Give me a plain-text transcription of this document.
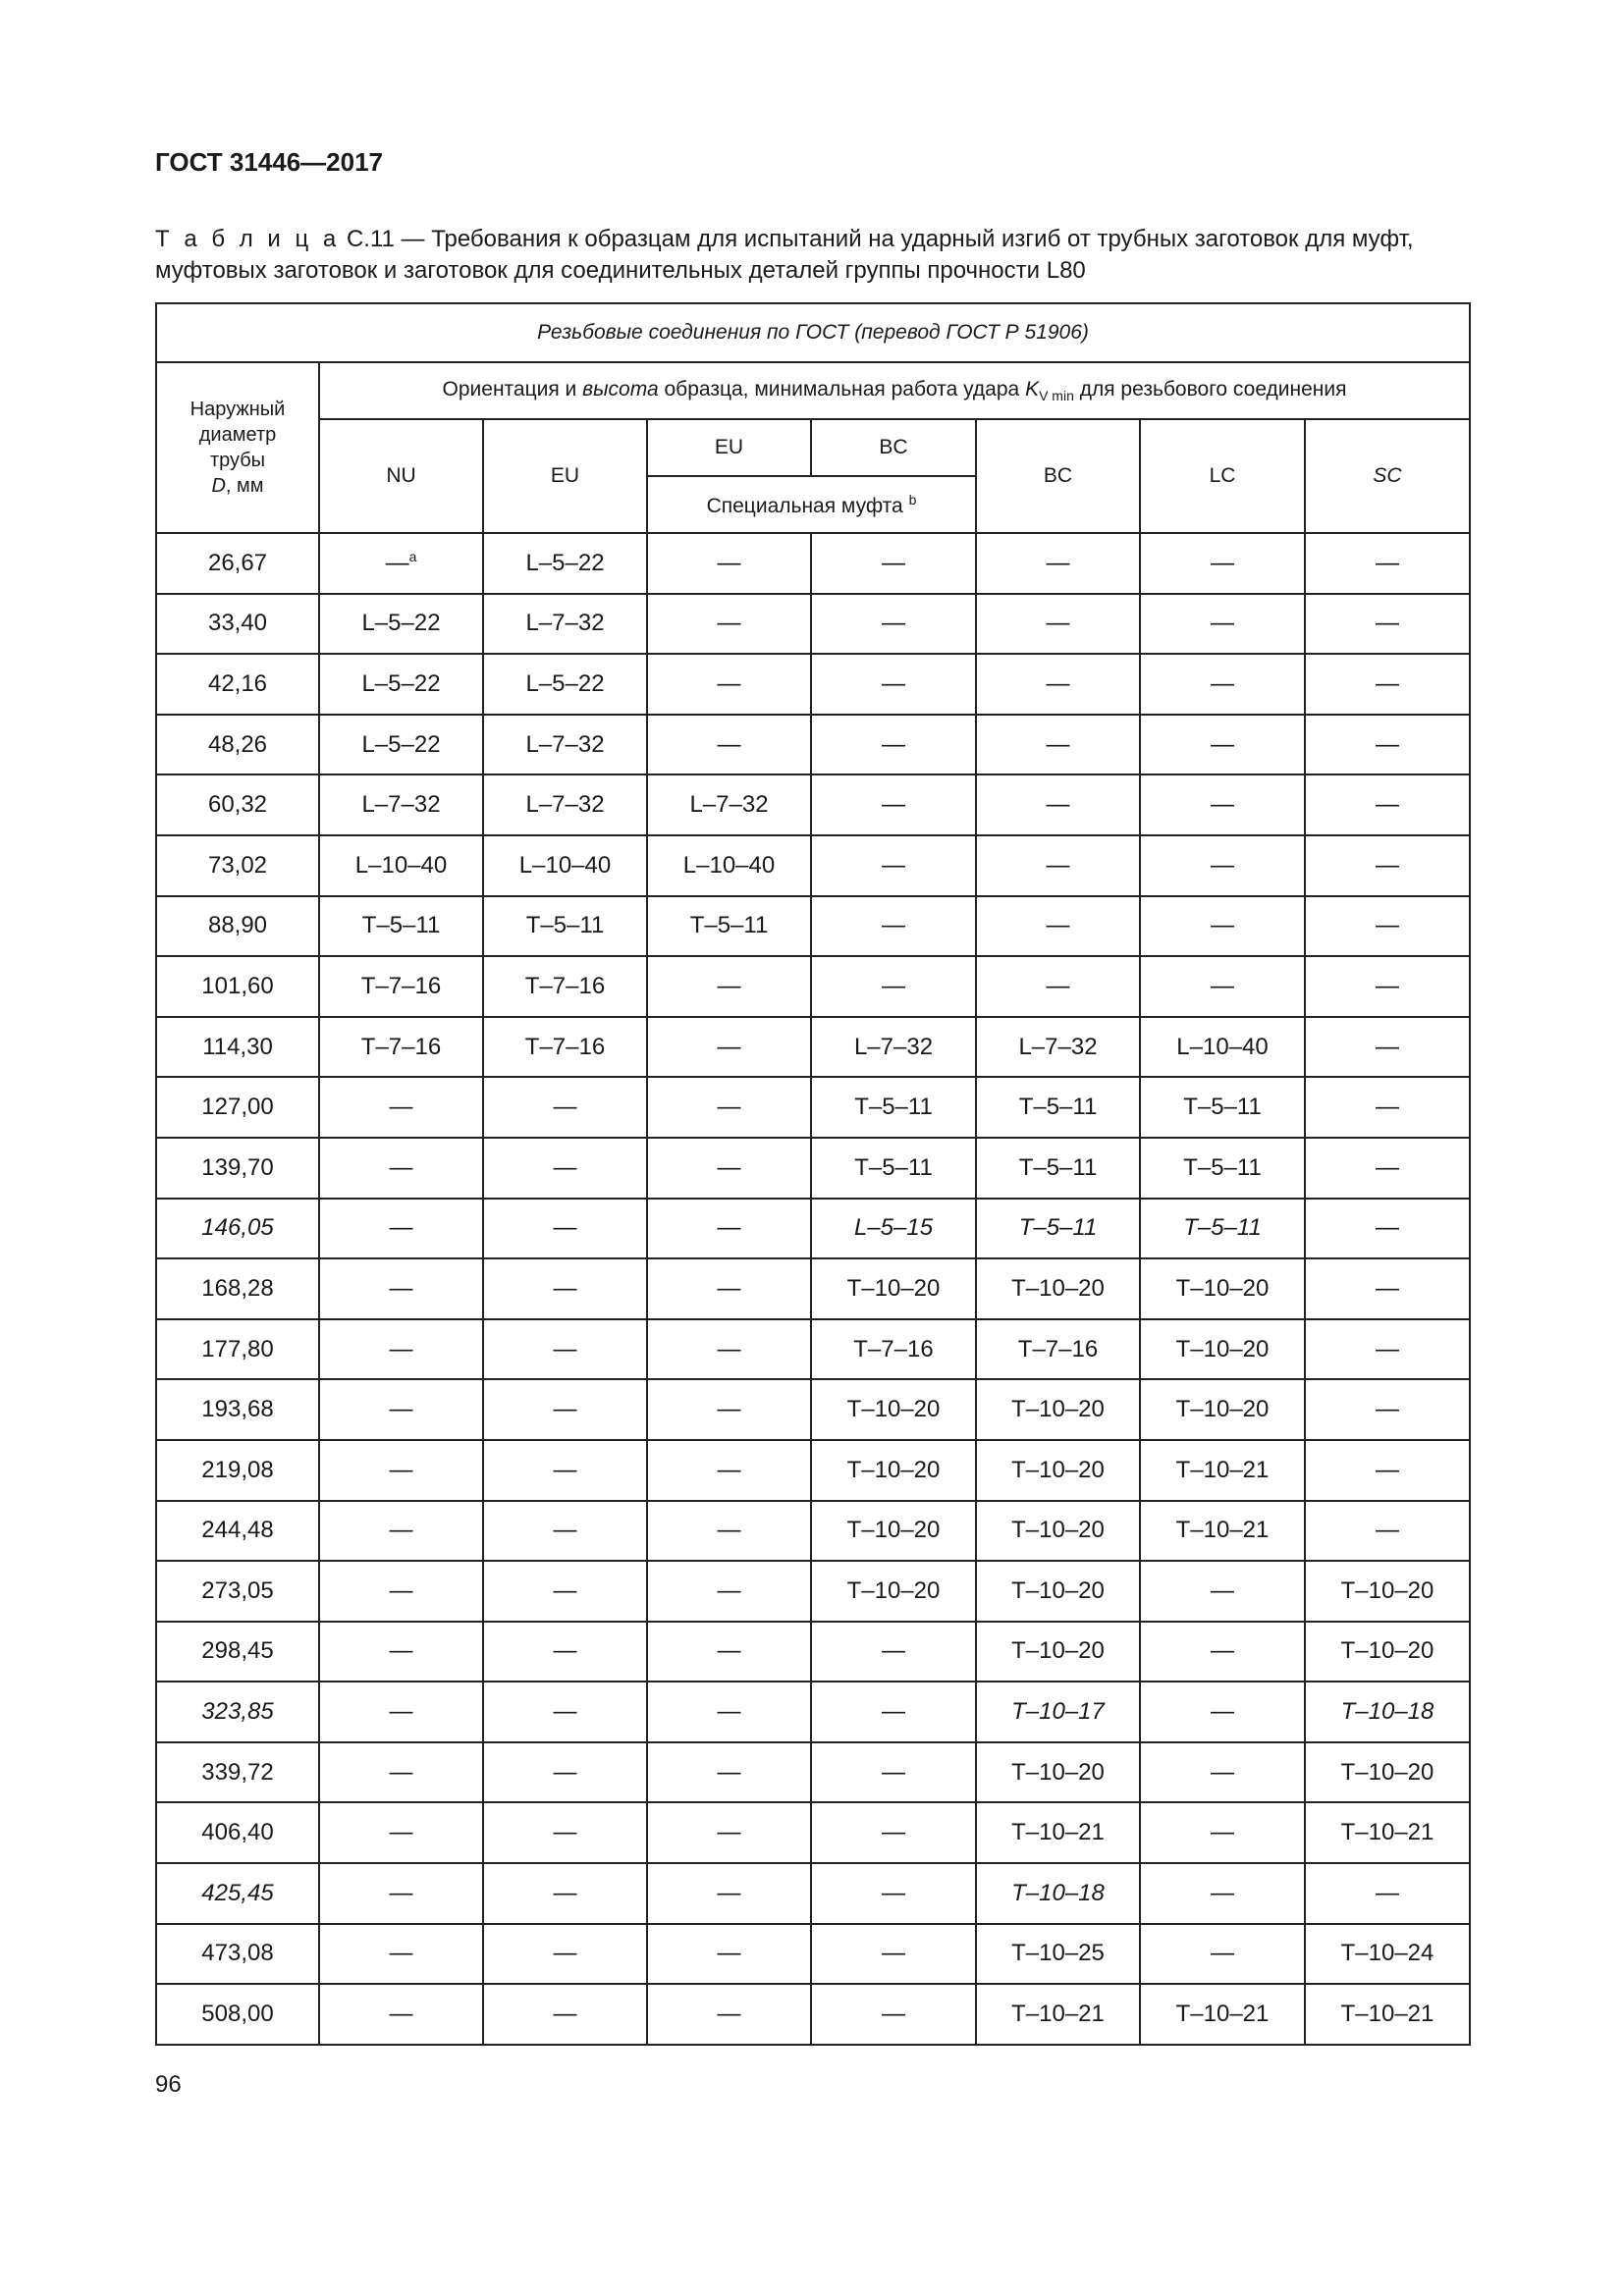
ГОСТ 31446—2017
Т а б л и ц а С.11 — Требования к образцам для испытаний на ударный изгиб от трубных заготовок для муфт, муфтовых заготовок и заготовок для соединительных деталей группы прочности L80
Резьбовые соединения по ГОСТ (перевод ГОСТ Р 51906)							
Наружный
диаметр
трубы
D, мм	Ориентация и высота образца, минимальная работа удара $K_{V min}$ для резьбового соединения						
	NU	EU	EU	BC	BC	LC	SC
			Специальная муфта $^b$
26,67	—$^a$	L–5–22	—	—	—	—	—
33,40	L–5–22	L–7–32	—	—	—	—	—
42,16	L–5–22	L–5–22	—	—	—	—	—
48,26	L–5–22	L–7–32	—	—	—	—	—
60,32	L–7–32	L–7–32	L–7–32	—	—	—	—
73,02	L–10–40	L–10–40	L–10–40	—	—	—	—
88,90	T–5–11	T–5–11	T–5–11	—	—	—	—
101,60	T–7–16	T–7–16	—	—	—	—	—
114,30	T–7–16	T–7–16	—	L–7–32	L–7–32	L–10–40	—
127,00	—	—	—	T–5–11	T–5–11	T–5–11	—
139,70	—	—	—	T–5–11	T–5–11	T–5–11	—
146,05	—	—	—	L–5–15	T–5–11	T–5–11	—
168,28	—	—	—	T–10–20	T–10–20	T–10–20	—
177,80	—	—	—	T–7–16	T–7–16	T–10–20	—
193,68	—	—	—	T–10–20	T–10–20	T–10–20	—
219,08	—	—	—	T–10–20	T–10–20	T–10–21	—
244,48	—	—	—	T–10–20	T–10–20	T–10–21	—
273,05	—	—	—	T–10–20	T–10–20	—	T–10–20
298,45	—	—	—	—	T–10–20	—	T–10–20
323,85	—	—	—	—	T–10–17	—	T–10–18
339,72	—	—	—	—	T–10–20	—	T–10–20
406,40	—	—	—	—	T–10–21	—	T–10–21
425,45	—	—	—	—	T–10–18	—	—
473,08	—	—	—	—	T–10–25	—	T–10–24
508,00	—	—	—	—	T–10–21	T–10–21	T–10–21
96
